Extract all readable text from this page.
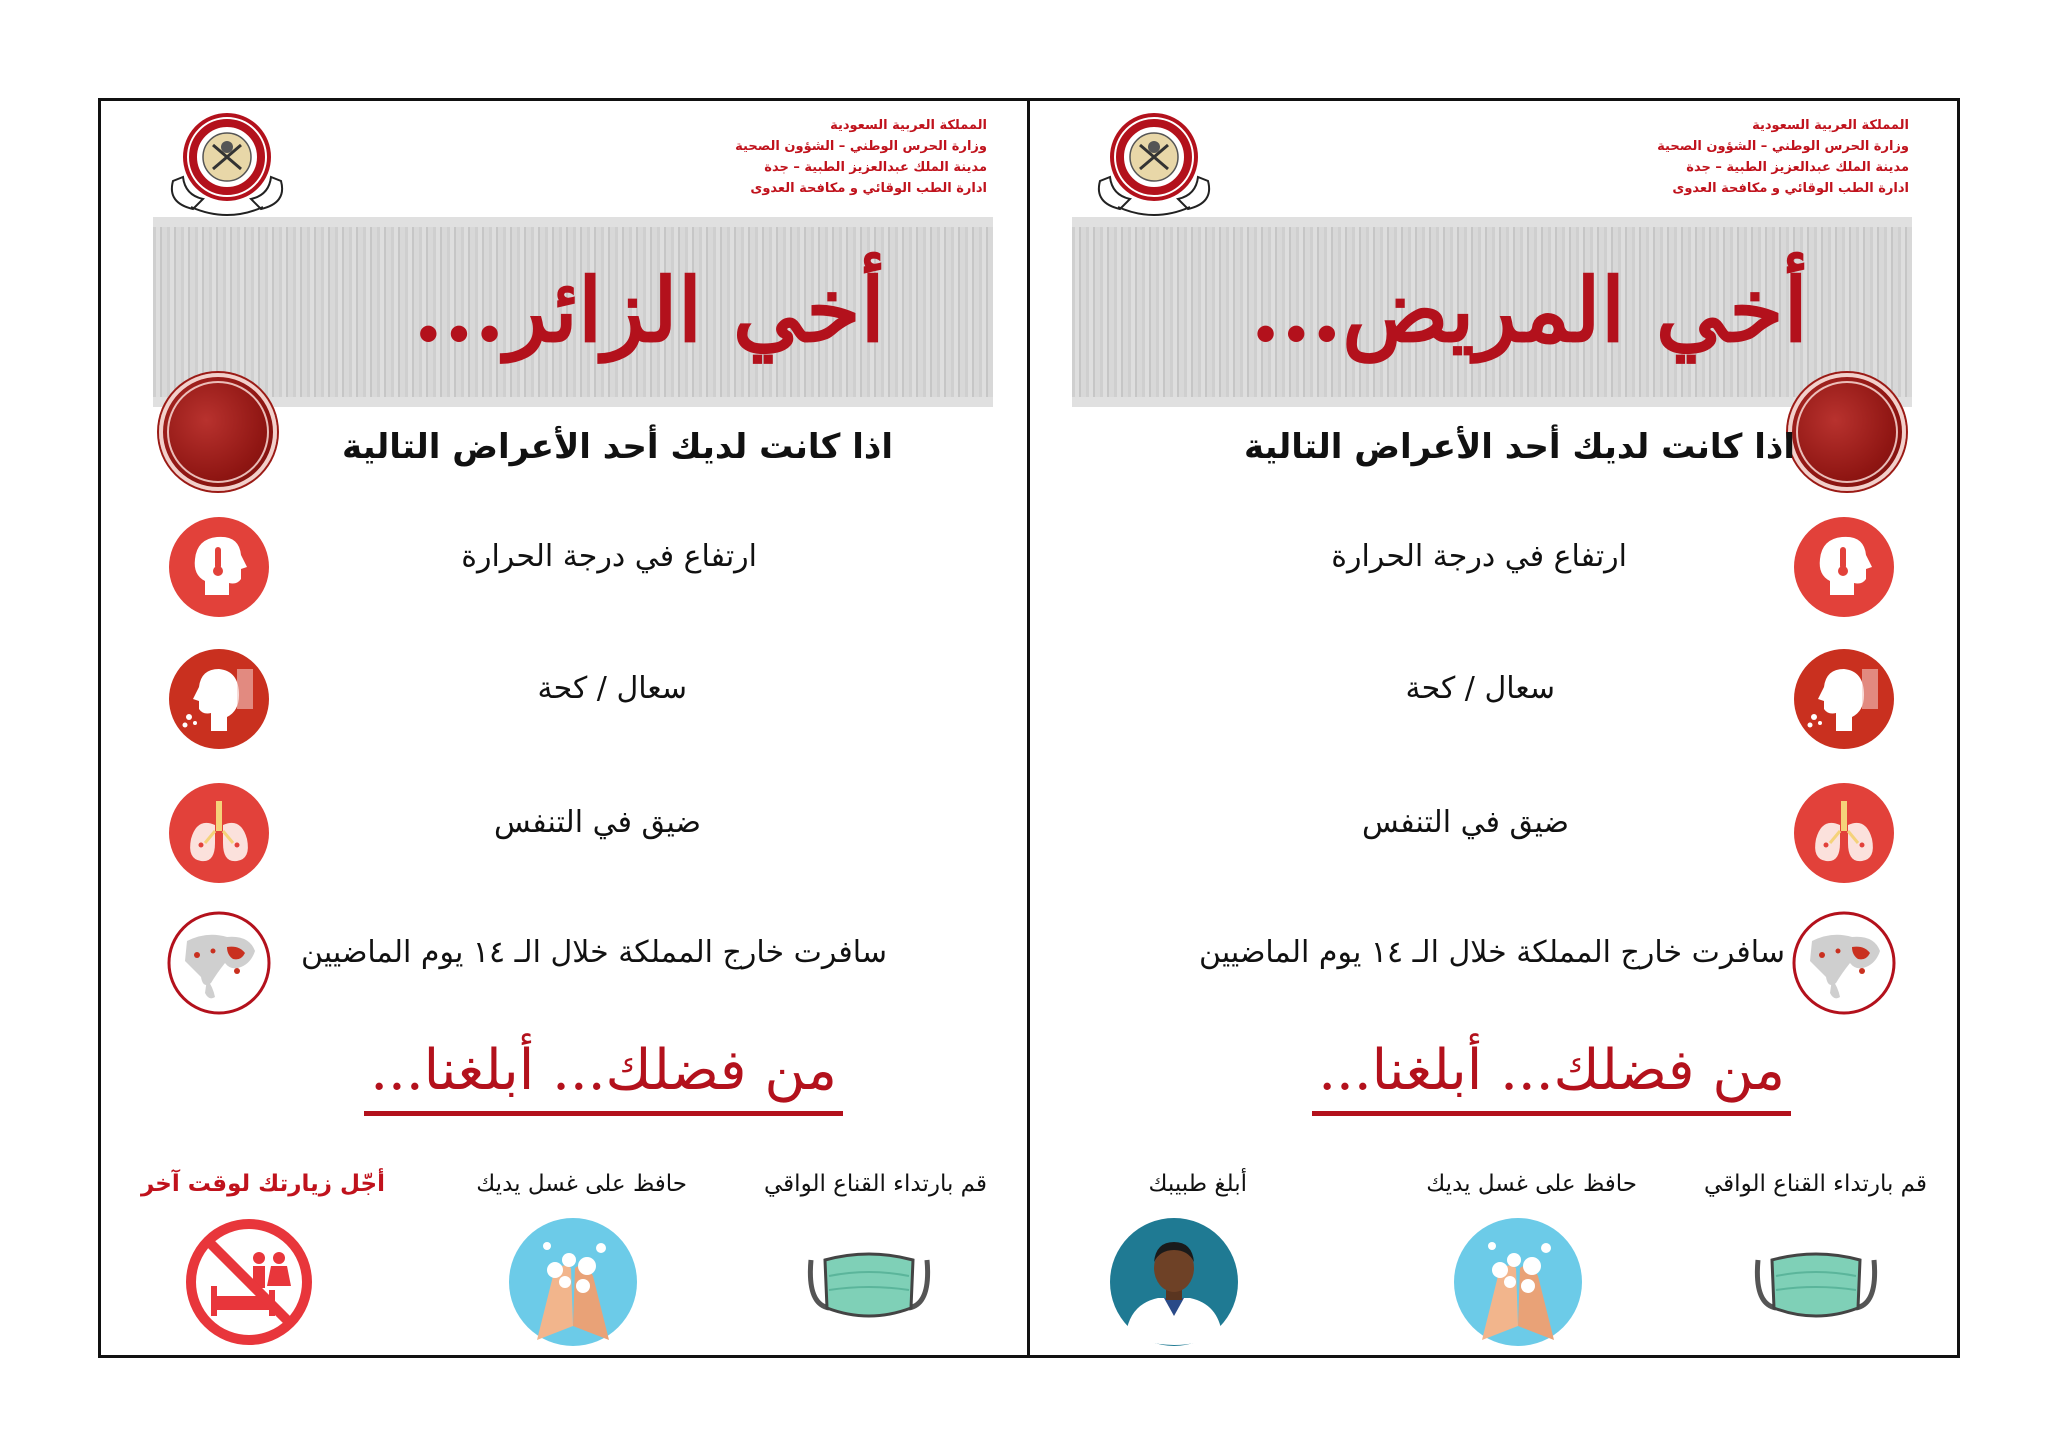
المملكة العربية السعودية
وزارة الحرس الوطني – الشؤون الصحية
مدينة الملك عبدالعزيز الطبية – جدة
ادارة الطب الوقائي و مكافحة العدوى
أخي الزائر...
اذا كانت لديك أحد الأعراض التالية
ارتفاع في درجة الحرارة
سعال / كحة
ضيق في التنفس
سافرت خارج المملكة خلال الـ ١٤ يوم الماضيين
من فضلك... أبلغنا...
قم بارتداء القناع الواقي
حافظ على غسل يديك
أجّل زيارتك لوقت آخر
المملكة العربية السعودية
وزارة الحرس الوطني – الشؤون الصحية
مدينة الملك عبدالعزيز الطبية – جدة
ادارة الطب الوقائي و مكافحة العدوى
أخي المريض...
اذا كانت لديك أحد الأعراض التالية
ارتفاع في درجة الحرارة
سعال / كحة
ضيق في التنفس
سافرت خارج المملكة خلال الـ ١٤ يوم الماضيين
من فضلك... أبلغنا...
قم بارتداء القناع الواقي
حافظ على غسل يديك
أبلغ طبيبك
